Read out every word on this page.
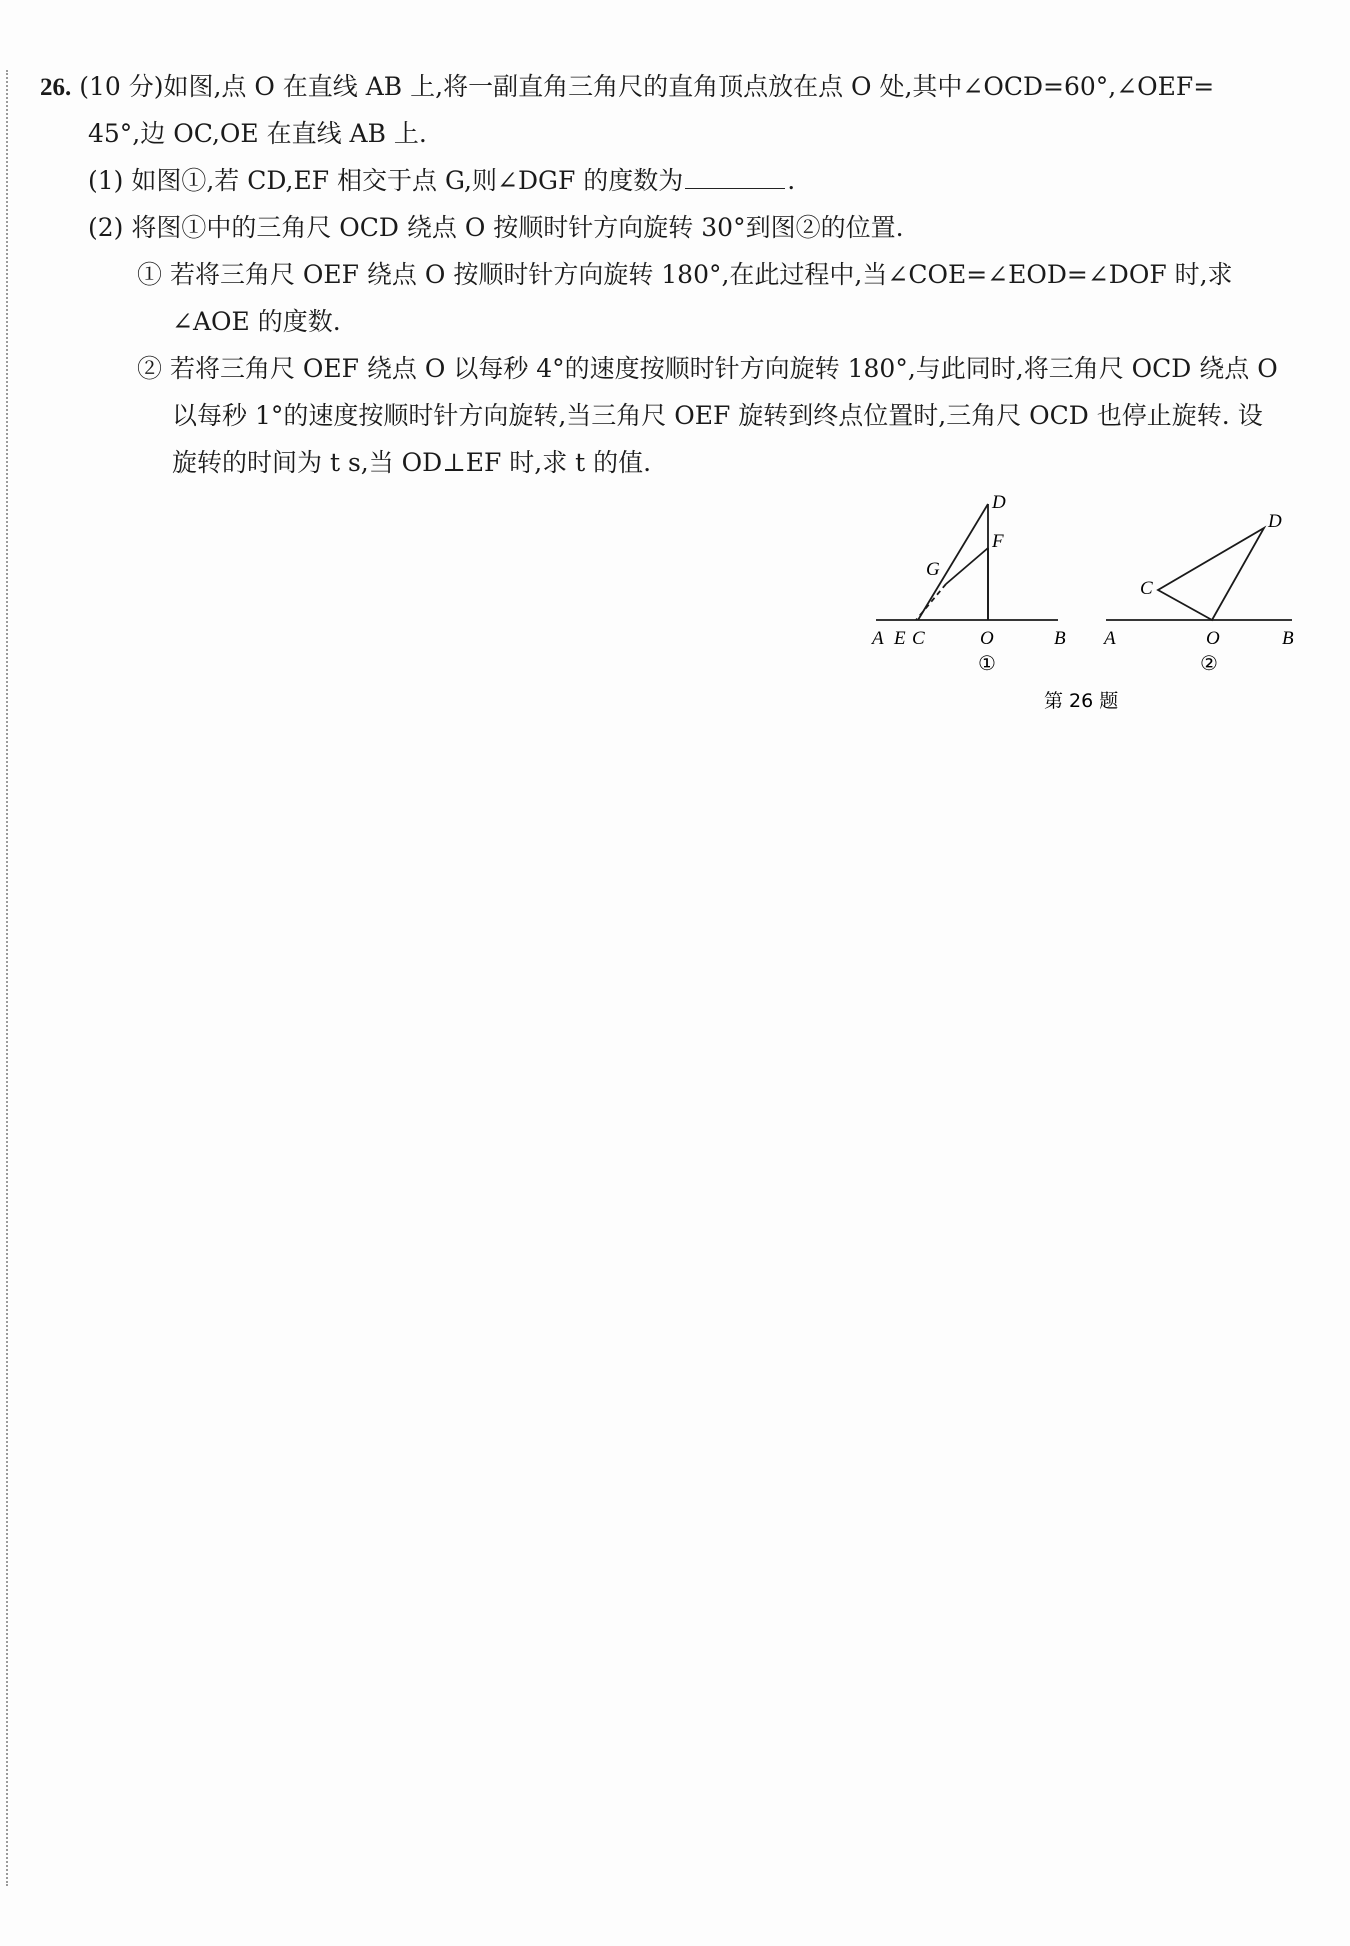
26. (10 分)如图,点 O 在直线 AB 上,将一副直角三角尺的直角顶点放在点 O 处,其中∠OCD=60°,∠OEF=
45°,边 OC,OE 在直线 AB 上.
(1) 如图①,若 CD,EF 相交于点 G,则∠DGF 的度数为	.
(2) 将图①中的三角尺 OCD 绕点 O 按顺时针方向旋转 30°到图②的位置.
① 若将三角尺 OEF 绕点 O 按顺时针方向旋转 180°,在此过程中,当∠COE=∠EOD=∠DOF 时,求
∠AOE 的度数.
② 若将三角尺 OEF 绕点 O 以每秒 4°的速度按顺时针方向旋转 180°,与此同时,将三角尺 OCD 绕点 O
以每秒 1°的速度按顺时针方向旋转,当三角尺 OEF 旋转到终点位置时,三角尺 OCD 也停止旋转. 设
旋转的时间为 t s,当 OD⊥EF 时,求 t 的值.
D
F
G
A E C	O	B
①
D
C
A	O	B
②
第 26 题
